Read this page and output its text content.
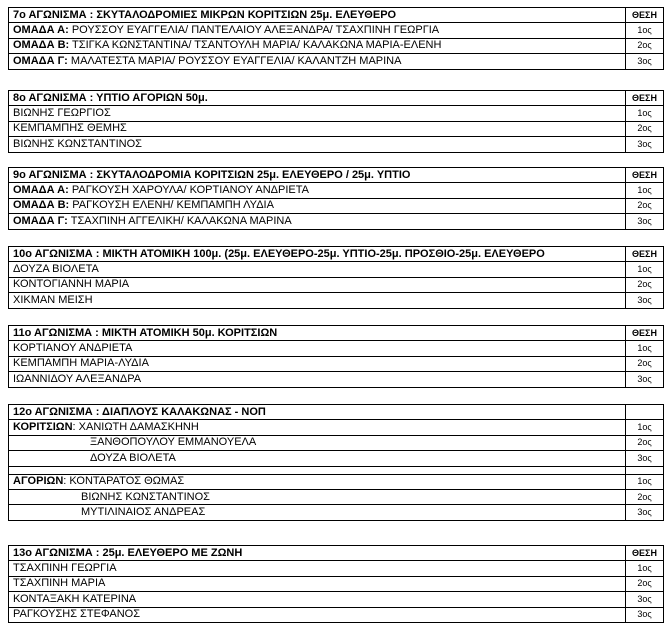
7ο ΑΓΩΝΙΣΜΑ : ΣΚΥΤΑΛΟΔΡΟΜΙΕΣ ΜΙΚΡΩΝ ΚΟΡΙΤΣΙΩΝ 25μ. ΕΛΕΥΘΕΡΟ	ΘΕΣΗ
ΟΜΑΔΑ Α: ΡΟΥΣΣΟΥ ΕΥΑΓΓΕΛΙΑ/ ΠΑΝΤΕΛΑΙΟΥ ΑΛΕΞΑΝΔΡΑ/ ΤΣΑΧΠΙΝΗ ΓΕΩΡΓΙΑ	1ος
ΟΜΑΔΑ Β: ΤΣΙΓΚΑ ΚΩΝΣΤΑΝΤΙΝΑ/ ΤΣΑΝΤΟΥΛΗ ΜΑΡΙΑ/ ΚΑΛΑΚΩΝΑ ΜΑΡΙΑ-ΕΛΕΝΗ	2ος
ΟΜΑΔΑ Γ: ΜΑΛΑΤΕΣΤΑ ΜΑΡΙΑ/ ΡΟΥΣΣΟΥ ΕΥΑΓΓΕΛΙΑ/ ΚΑΛΑΝΤΖΗ ΜΑΡΙΝΑ	3ος
8ο ΑΓΩΝΙΣΜΑ : ΥΠΤΙΟ ΑΓΟΡΙΩΝ 50μ.	ΘΕΣΗ
ΒΙΩΝΗΣ ΓΕΩΡΓΙΟΣ	1ος
ΚΕΜΠΑΜΠΗΣ ΘΕΜΗΣ	2ος
ΒΙΩΝΗΣ ΚΩΝΣΤΑΝΤΙΝΟΣ	3ος
9ο ΑΓΩΝΙΣΜΑ : ΣΚΥΤΑΛΟΔΡΟΜΙΑ ΚΟΡΙΤΣΙΩΝ 25μ. ΕΛΕΥΘΕΡΟ / 25μ. ΥΠΤΙΟ	ΘΕΣΗ
ΟΜΑΔΑ Α: ΡΑΓΚΟΥΣΗ ΧΑΡΟΥΛΑ/ ΚΟΡΤΙΑΝΟΥ ΑΝΔΡΙΕΤΑ	1ος
ΟΜΑΔΑ Β: ΡΑΓΚΟΥΣΗ ΕΛΕΝΗ/ ΚΕΜΠΑΜΠΗ ΛΥΔΙΑ	2ος
ΟΜΑΔΑ Γ: ΤΣΑΧΠΙΝΗ ΑΓΓΕΛΙΚΗ/ ΚΑΛΑΚΩΝΑ ΜΑΡΙΝΑ	3ος
10ο ΑΓΩΝΙΣΜΑ : ΜΙΚΤΗ ΑΤΟΜΙΚΗ 100μ. (25μ. ΕΛΕΥΘΕΡΟ-25μ. ΥΠΤΙΟ-25μ. ΠΡΟΣΘΙΟ-25μ. ΕΛΕΥΘΕΡΟ	ΘΕΣΗ
ΔΟΥΖΑ ΒΙΟΛΕΤΑ	1ος
ΚΟΝΤΟΓΙΑΝΝΗ ΜΑΡΙΑ	2ος
ΧΙΚΜΑΝ ΜΕΙΣΗ	3ος
11ο ΑΓΩΝΙΣΜΑ : ΜΙΚΤΗ ΑΤΟΜΙΚΗ 50μ. ΚΟΡΙΤΣΙΩΝ	ΘΕΣΗ
ΚΟΡΤΙΑΝΟΥ ΑΝΔΡΙΕΤΑ	1ος
ΚΕΜΠΑΜΠΗ ΜΑΡΙΑ-ΛΥΔΙΑ	2ος
ΙΩΑΝΝΙΔΟΥ ΑΛΕΞΑΝΔΡΑ	3ος
12ο ΑΓΩΝΙΣΜΑ : ΔΙΑΠΛΟΥΣ ΚΑΛΑΚΩΝΑΣ - ΝΟΠ	
ΚΟΡΙΤΣΙΩΝ: ΧΑΝΙΩΤΗ ΔΑΜΑΣΚΗΝΗ	1ος
ΞΑΝΘΟΠΟΥΛΟΥ ΕΜΜΑΝΟΥΕΛΑ	2ος
ΔΟΥΖΑ ΒΙΟΛΕΤΑ	3ος

ΑΓΟΡΙΩΝ: ΚΟΝΤΑΡΑΤΟΣ ΘΩΜΑΣ	1ος
ΒΙΩΝΗΣ ΚΩΝΣΤΑΝΤΙΝΟΣ	2ος
ΜΥΤΙΛΙΝΑΙΟΣ ΑΝΔΡΕΑΣ	3ος
13ο ΑΓΩΝΙΣΜΑ : 25μ. ΕΛΕΥΘΕΡΟ ΜΕ ΖΩΝΗ	ΘΕΣΗ
ΤΣΑΧΠΙΝΗ ΓΕΩΡΓΙΑ	1ος
ΤΣΑΧΠΙΝΗ ΜΑΡΙΑ	2ος
ΚΟΝΤΑΞΑΚΗ ΚΑΤΕΡΙΝΑ	3ος
ΡΑΓΚΟΥΣΗΣ ΣΤΕΦΑΝΟΣ	3ος
